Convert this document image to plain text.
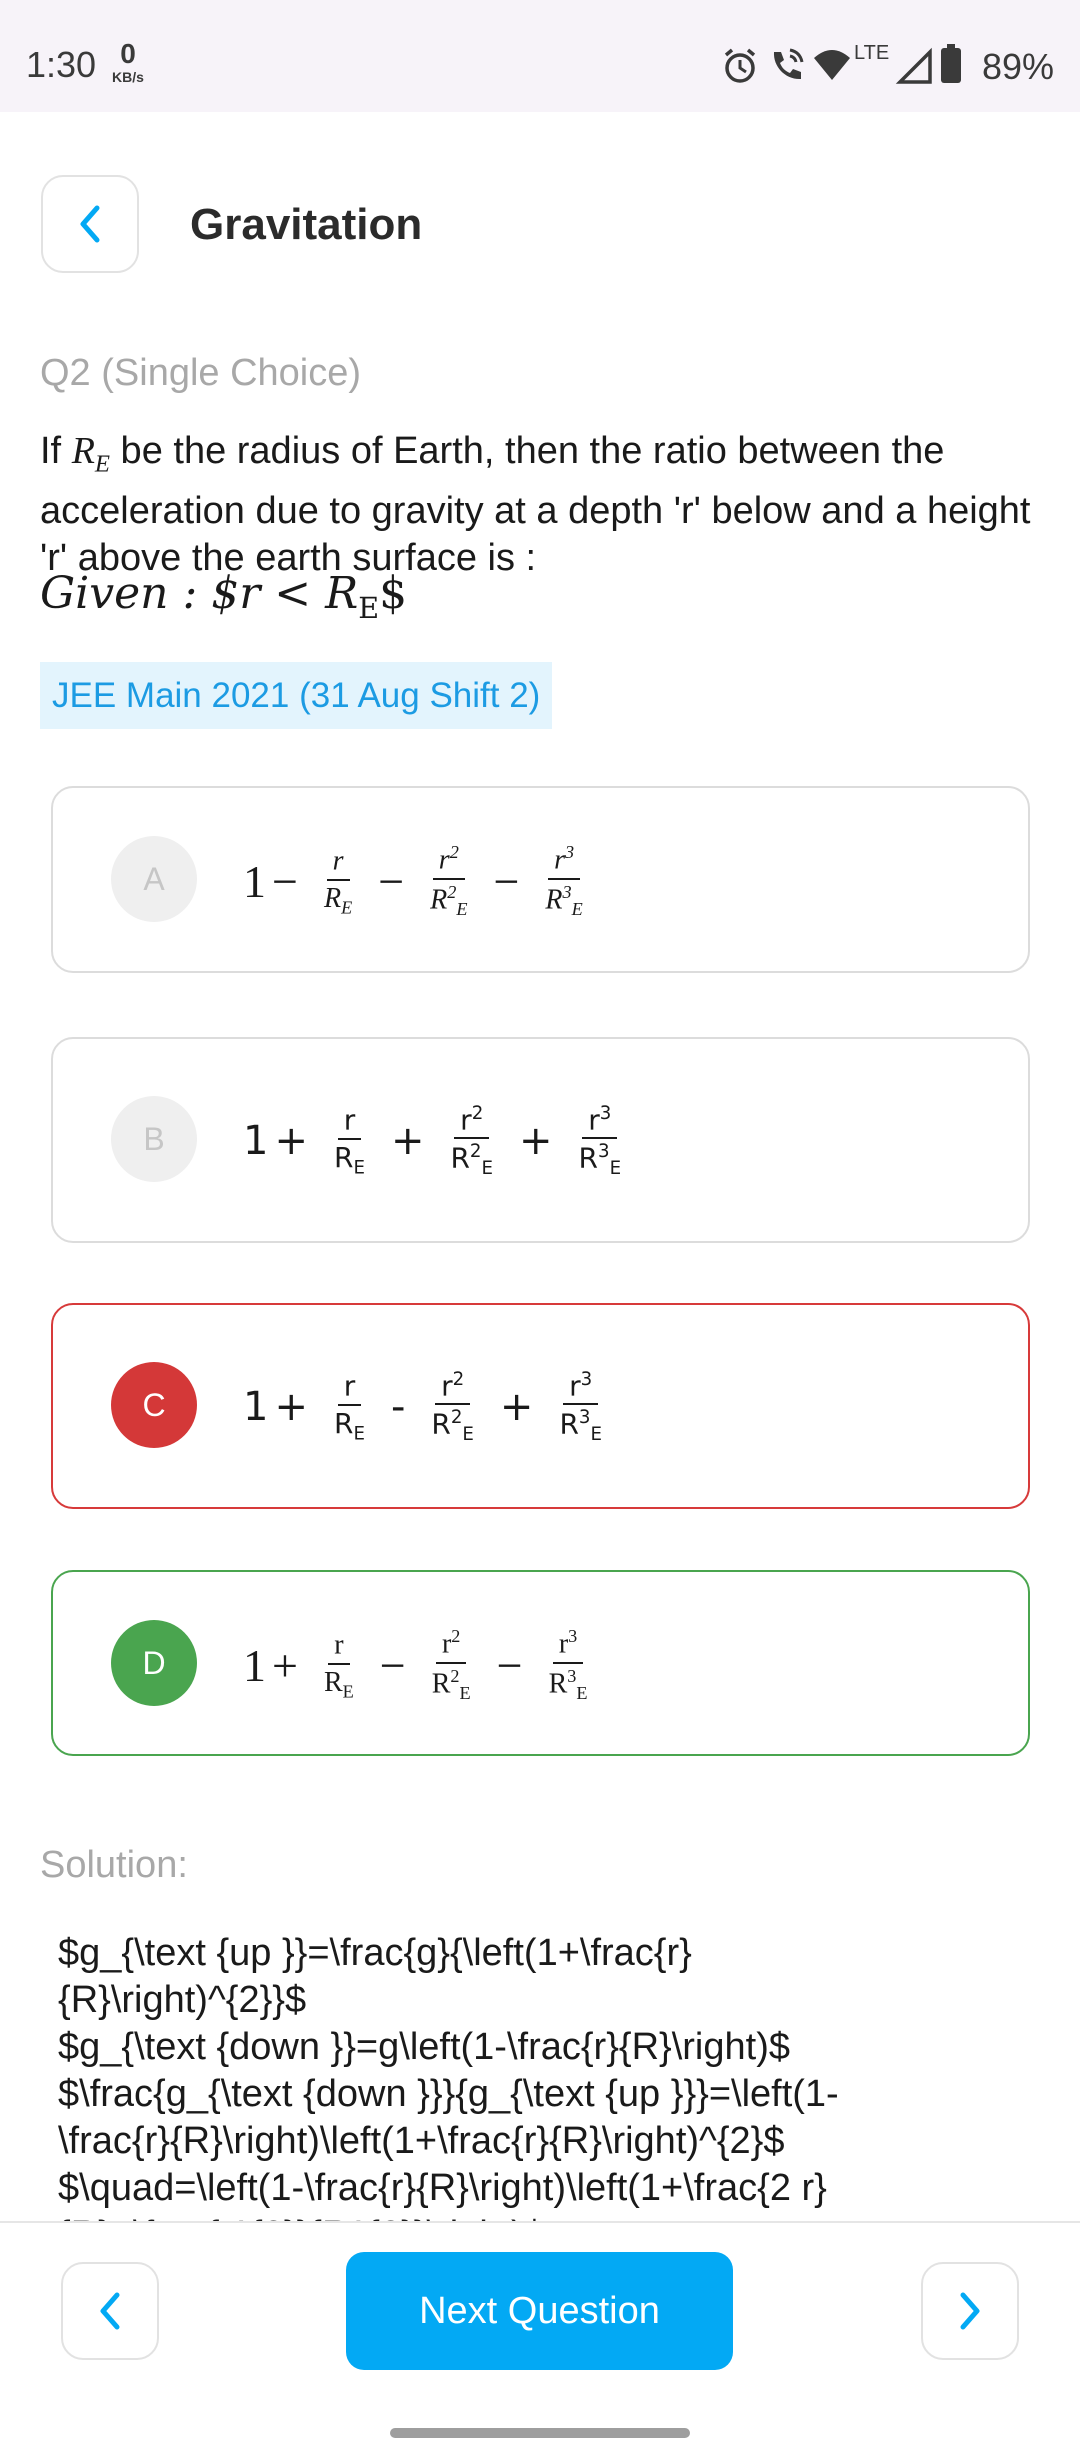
1:30 0
KB/s
LTE	89%
Gravitation
Q2 (Single Choice)
If $R_E$ be the radius of Earth, then the ratio between the acceleration due to gravity at a depth 'r' below and a height 'r' above the earth surface is :
Given : $r < $R_E\$$
JEE Main 2021 (31 Aug Shift 2)
A	$1 - \frac{r}{R_E} - \frac{r^2}{R^2_E} - \frac{r^3}{R^3_E}$
B	$1 + \frac{r}{R_E} + \frac{r^2}{R^2_E} + \frac{r^3}{R^3_E}$
C	$1 + \frac{r}{R_E} - \frac{r^2}{R^2_E} + \frac{r^3}{R^3_E}$
D	$1 + \frac{r}{R_E} - \frac{r^2}{R^2_E} - \frac{r^3}{R^3_E}$
Solution:
$g_{\text {up }}=\frac{g}{\left(1+\frac{r}
{R}\right)^{2}}$
$g_{\text {down }}=g\left(1-\frac{r}{R}\right)$
$\frac{g_{\text {down }}}{g_{\text {up }}}=\left(1-
\frac{r}{R}\right)\left(1+\frac{r}{R}\right)^{2}$
$\quad=\left(1-\frac{r}{R}\right)\left(1+\frac{2 r}

Next Question
